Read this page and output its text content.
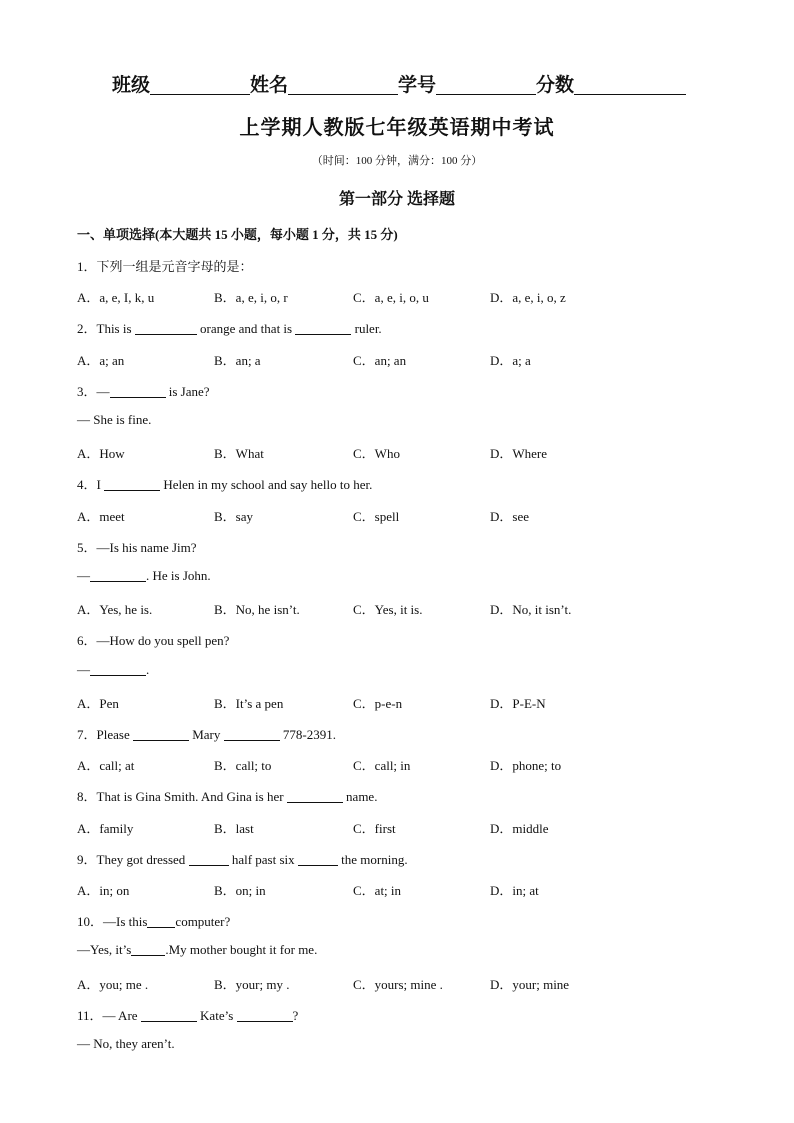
班级	姓名	学号	分数
上学期人教版七年级英语期中考试
（时间：100 分钟，满分：100 分）
第一部分 选择题
一、单项选择(本大题共 15 小题，每小题 1 分，共 15 分)
1．下列一组是元音字母的是：
A．a, e, I, k, u	B．a, e, i, o, r	C．a, e, i, o, u	D．a, e, i, o, z
2．This is	orange and that is	ruler.
A．a; an	B．an; a	C．an; an	D．a; a
3．—	is Jane?
— She is fine.
A．How	B．What	C．Who	D．Where
4．I	Helen in my school and say hello to her.
A．meet	B．say	C．spell	D．see
5．—Is his name Jim?
—	. He is John.
A．Yes, he is.	B．No, he isn’t.	C．Yes, it is.	D．No, it isn’t.
6．—How do you spell pen?
—	.
A．Pen	B．It’s a pen	C．p-e-n	D．P-E-N
7．Please	Mary	778-2391.
A．call; at	B．call; to	C．call; in	D．phone; to
8．That is Gina Smith. And Gina is her	name.
A．family	B．last	C．first	D．middle
9．They got dressed	half past six	the morning.
A．in; on	B．on; in	C．at; in	D．in; at
10．—Is this computer?
—Yes, it’s	.My mother bought it for me.
A．you; me .	B．your; my .	C．yours; mine .	D．your; mine
11．— Are	Kate’s	?
— No, they aren’t.
